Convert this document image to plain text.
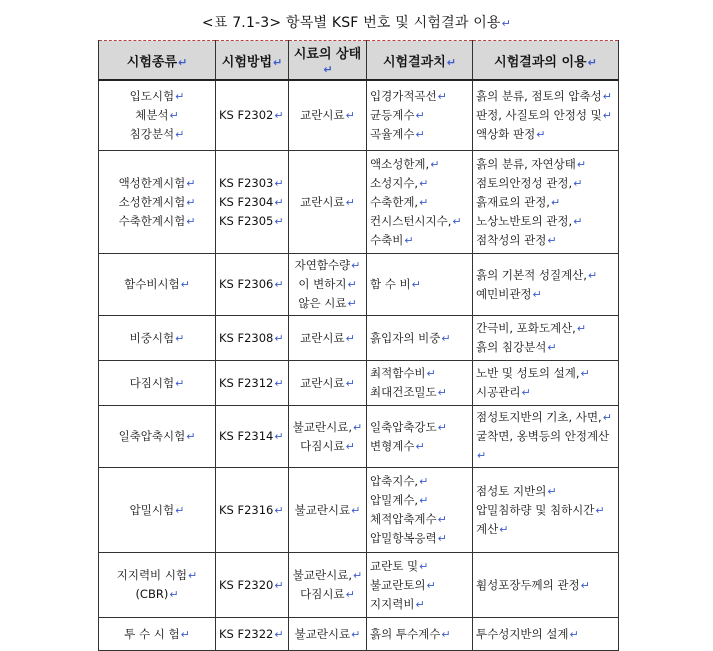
<표 7.1-3> 항목별 KSF 번호 및 시험결과 이용↵
시험종류↵	시험방법↵	시료의 상태↵	시험결과치↵	시험결과의 이용↵

입도시험↵
체분석↵
침강분석↵	KS F2302↵	교란시료↵	입경가적곡선↵
균등계수↵
곡율계수↵	흙의 분류, 점토의 압축성↵
판정, 사질토의 안정성 및↵
액상화 판정↵

액성한계시험↵
소성한계시험↵
수축한계시험↵	KS F2303↵
KS F2304↵
KS F2305↵	교란시료↵	액소성한계,↵
소성지수,↵
수축한계,↵
컨시스턴시지수,↵
수축비↵	흙의 분류, 자연상태↵
점토의안정성 관정,↵
흙재료의 관정,↵
노상노반토의 관정,↵
점착성의 관정↵

함수비시험↵	KS F2306↵	자연함수량↵
이 변하지↵
않은 시료↵	함 수 비↵	흙의 기본적 성질계산,↵
예민비관정↵

비중시험↵	KS F2308↵	교란시료↵	흙입자의 비중↵	간극비, 포화도계산,↵
흙의 침강분석↵

다짐시험↵	KS F2312↵	교란시료↵	최적함수비↵
최대건조밀도↵	노반 및 성토의 설계,↵
시공관리↵

일축압축시험↵	KS F2314↵	불교란시료,↵
다짐시료↵	일축압축강도↵
변형계수↵	점성토지반의 기초, 사면,↵
굴착면, 옹벽등의 안정계산↵

압밀시험↵	KS F2316↵	불교란시료↵	압축지수,↵
압밀계수,↵
체적압축계수↵
압밀항복응력↵	점성토 지반의↵
압밀침하량 및 침하시간↵
계산↵

지지력비 시험↵
(CBR)↵	KS F2320↵	불교란시료,↵
다짐시료↵	교란토 및↵
불교란토의↵
지지력비↵	휨성포장두께의 관정↵

투 수 시 험↵	KS F2322↵	불교란시료↵	흙의 투수계수↵	투수성지반의 설계↵
